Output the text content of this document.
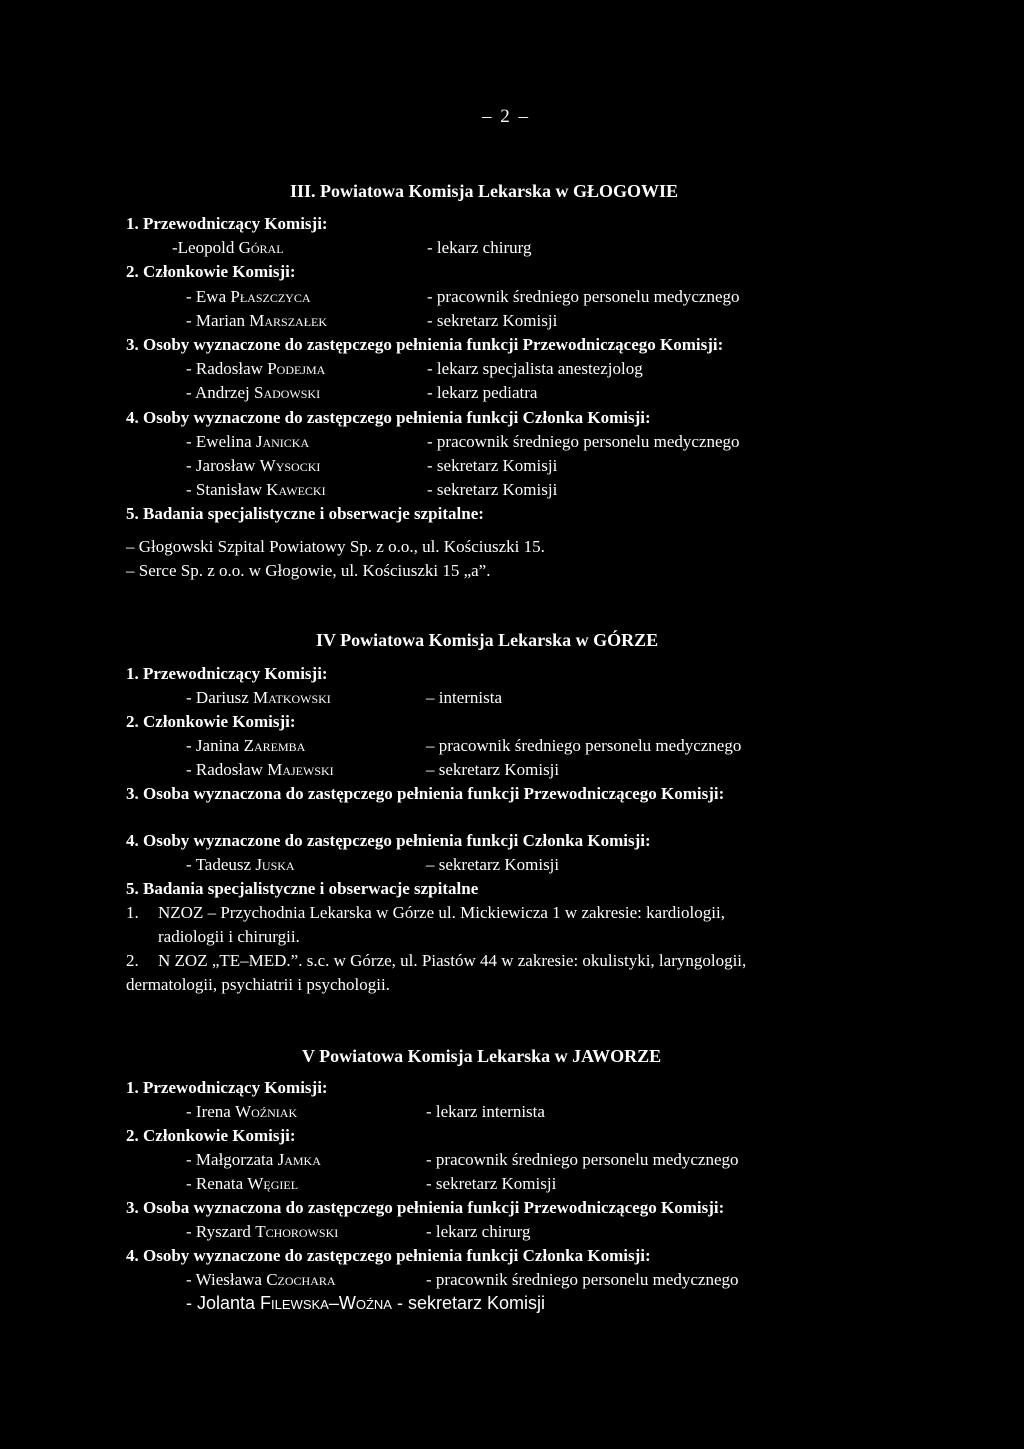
– 2 –
III. Powiatowa Komisja Lekarska w GŁOGOWIE
1. Przewodniczący Komisji:
-Leopold Góral	- lekarz chirurg
2. Członkowie Komisji:
- Ewa Płaszczyca	- pracownik średniego personelu medycznego
- Marian Marszałek	- sekretarz Komisji
3. Osoby wyznaczone do zastępczego pełnienia funkcji Przewodniczącego Komisji:
- Radosław Podejma	- lekarz specjalista anestezjolog
- Andrzej Sadowski	- lekarz pediatra
4. Osoby wyznaczone do zastępczego pełnienia funkcji Członka Komisji:
- Ewelina Janicka	- pracownik średniego personelu medycznego
- Jarosław Wysocki	- sekretarz Komisji
- Stanisław Kawecki	- sekretarz Komisji
5. Badania specjalistyczne i obserwacje szpitalne:
– Głogowski Szpital Powiatowy Sp. z o.o., ul. Kościuszki 15.
– Serce Sp. z o.o. w Głogowie, ul. Kościuszki 15 „a”.
IV Powiatowa Komisja Lekarska w GÓRZE
1. Przewodniczący Komisji:
- Dariusz Matkowski	– internista
2. Członkowie Komisji:
- Janina Zaremba	– pracownik średniego personelu medycznego
- Radosław Majewski	– sekretarz Komisji
3. Osoba wyznaczona do zastępczego pełnienia funkcji Przewodniczącego Komisji:
4. Osoby wyznaczone do zastępczego pełnienia funkcji Członka Komisji:
- Tadeusz Juska	– sekretarz Komisji
5. Badania specjalistyczne i obserwacje szpitalne
1. NZOZ – Przychodnia Lekarska w Górze ul. Mickiewicza 1 w zakresie: kardiologii,
radiologii i chirurgii.
2. N ZOZ „TE–MED.”. s.c. w Górze, ul. Piastów 44 w zakresie: okulistyki, laryngologii,
dermatologii, psychiatrii i psychologii.
V Powiatowa Komisja Lekarska w JAWORZE
1. Przewodniczący Komisji:
- Irena Woźniak	- lekarz internista
2. Członkowie Komisji:
- Małgorzata Jamka	- pracownik średniego personelu medycznego
- Renata Węgiel	- sekretarz Komisji
3. Osoba wyznaczona do zastępczego pełnienia funkcji Przewodniczącego Komisji:
- Ryszard Tchorowski	- lekarz chirurg
4. Osoby wyznaczone do zastępczego pełnienia funkcji Członka Komisji:
- Wiesława Czochara	- pracownik średniego personelu medycznego
- Jolanta Filewska–Woźna - sekretarz Komisji
